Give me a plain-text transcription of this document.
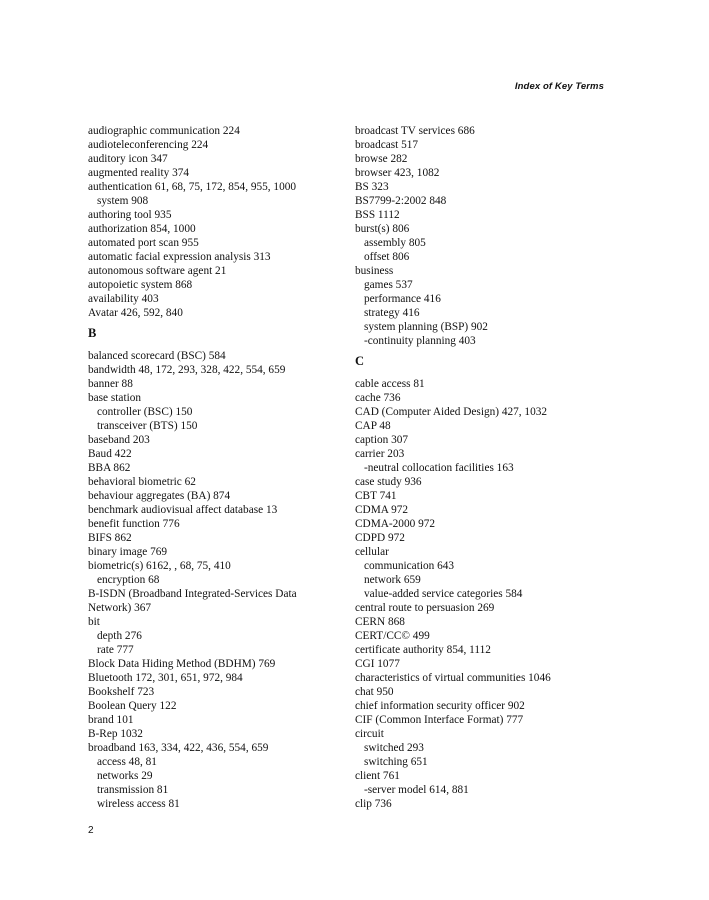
Index of Key Terms
audiographic communication 224
audioteleconferencing 224
auditory icon 347
augmented reality 374
authentication 61, 68, 75, 172, 854, 955, 1000
system 908
authoring tool 935
authorization 854, 1000
automated port scan 955
automatic facial expression analysis 313
autonomous software agent 21
autopoietic system 868
availability 403
Avatar 426, 592, 840
B
balanced scorecard (BSC) 584
bandwidth 48, 172, 293, 328, 422, 554, 659
banner 88
base station
controller (BSC) 150
transceiver (BTS) 150
baseband 203
Baud 422
BBA 862
behavioral biometric 62
behaviour aggregates (BA) 874
benchmark audiovisual affect database 13
benefit function 776
BIFS 862
binary image 769
biometric(s) 6162, , 68, 75, 410
encryption 68
B-ISDN (Broadband Integrated-Services Data
Network) 367
bit
depth 276
rate 777
Block Data Hiding Method (BDHM) 769
Bluetooth 172, 301, 651, 972, 984
Bookshelf 723
Boolean Query 122
brand 101
B-Rep 1032
broadband 163, 334, 422, 436, 554, 659
access 48, 81
networks 29
transmission 81
wireless access 81
broadcast TV services 686
broadcast 517
browse 282
browser 423, 1082
BS 323
BS7799-2:2002 848
BSS 1112
burst(s) 806
assembly 805
offset 806
business
games 537
performance 416
strategy 416
system planning (BSP) 902
-continuity planning 403
C
cable access 81
cache 736
CAD (Computer Aided Design) 427, 1032
CAP 48
caption 307
carrier 203
-neutral collocation facilities 163
case study 936
CBT 741
CDMA 972
CDMA-2000 972
CDPD 972
cellular
communication 643
network 659
value-added service categories 584
central route to persuasion 269
CERN 868
CERT/CC© 499
certificate authority 854, 1112
CGI 1077
characteristics of virtual communities 1046
chat 950
chief information security officer 902
CIF (Common Interface Format) 777
circuit
switched 293
switching 651
client 761
-server model 614, 881
clip 736
2
